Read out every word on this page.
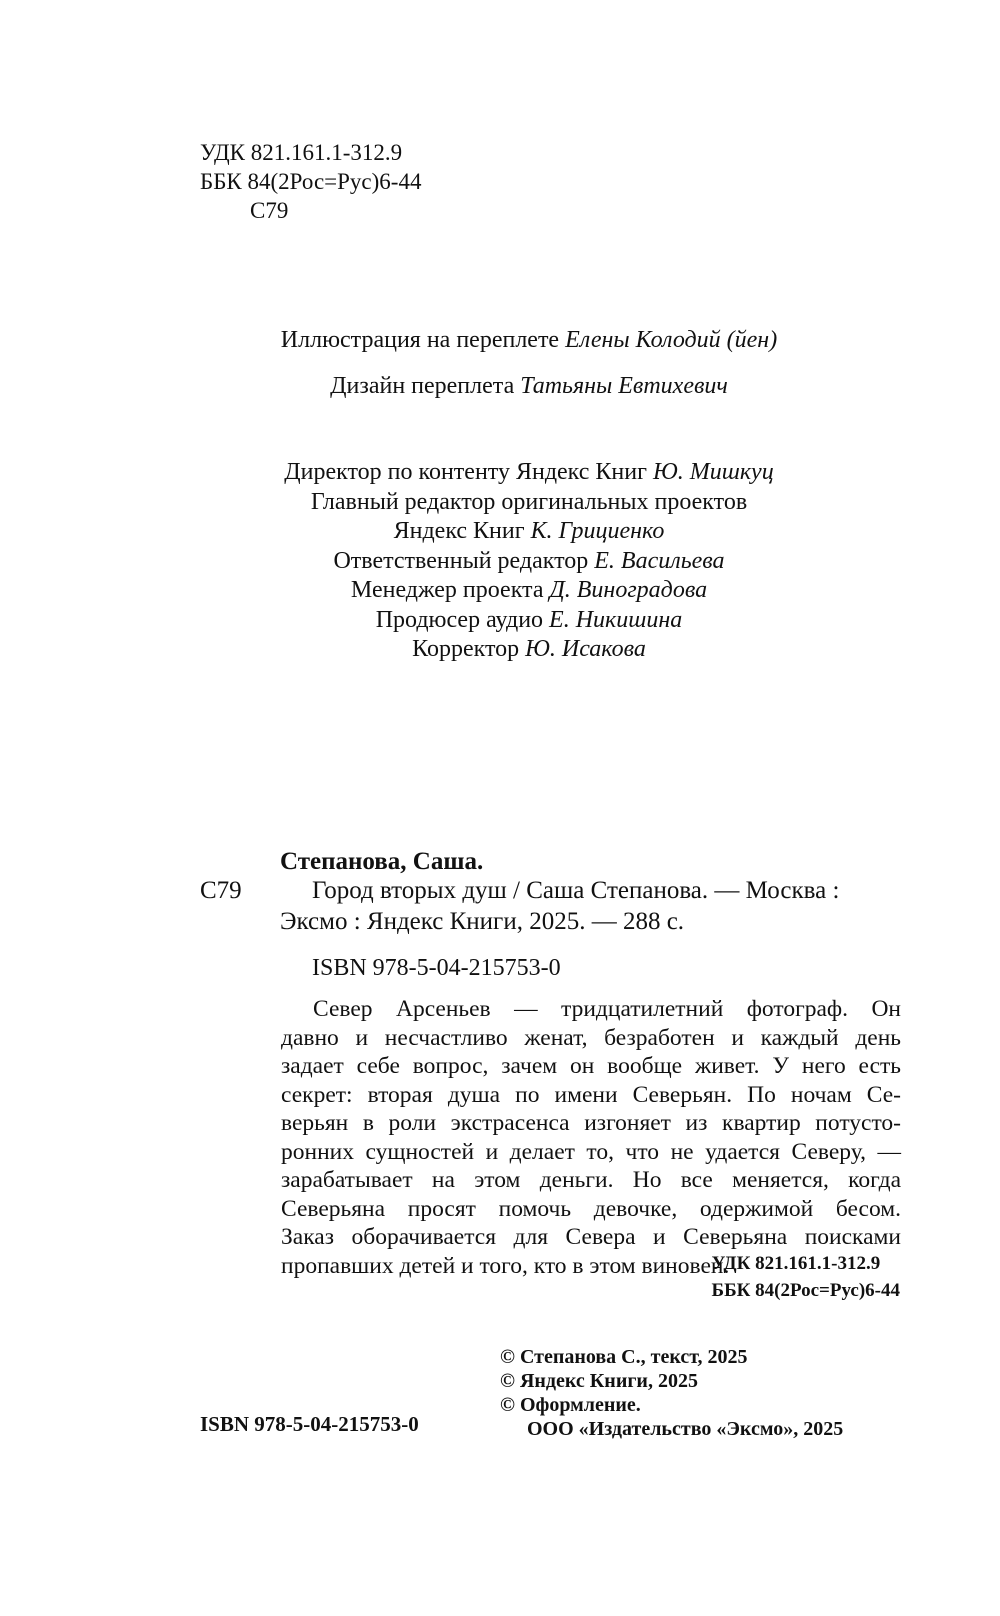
УДК 821.161.1-312.9
ББК 84(2Рос=Рус)6-44
С79
Иллюстрация на переплете Елены Колодий (йен)
Дизайн переплета Татьяны Евтихевич
Директор по контенту Яндекс Книг Ю. Мишкуц
Главный редактор оригинальных проектов
Яндекс Книг К. Грициенко
Ответственный редактор Е. Васильева
Менеджер проекта Д. Виноградова
Продюсер аудио Е. Никишина
Корректор Ю. Исакова
Степанова, Саша.
С79	Город вторых душ / Саша Степанова. — Москва :
Эксмо : Яндекс Книги, 2025. — 288 с.
ISBN 978-5-04-215753-0
Север Арсеньев — тридцатилетний фотограф. Он
давно и несчастливо женат, безработен и каждый день
задает себе вопрос, зачем он вообще живет. У него есть
секрет: вторая душа по имени Северьян. По ночам Се-
верьян в роли экстрасенса изгоняет из квартир потусто-
ронних сущностей и делает то, что не удается Северу, —
зарабатывает на этом деньги. Но все меняется, когда
Северьяна просят помочь девочке, одержимой бесом.
Заказ оборачивается для Севера и Северьяна поисками
пропавших детей и того, кто в этом виновен.
УДК 821.161.1-312.9
ББК 84(2Рос=Рус)6-44
© Степанова С., текст, 2025
© Яндекс Книги, 2025
© Оформление.
ООО «Издательство «Эксмо», 2025
ISBN 978-5-04-215753-0
